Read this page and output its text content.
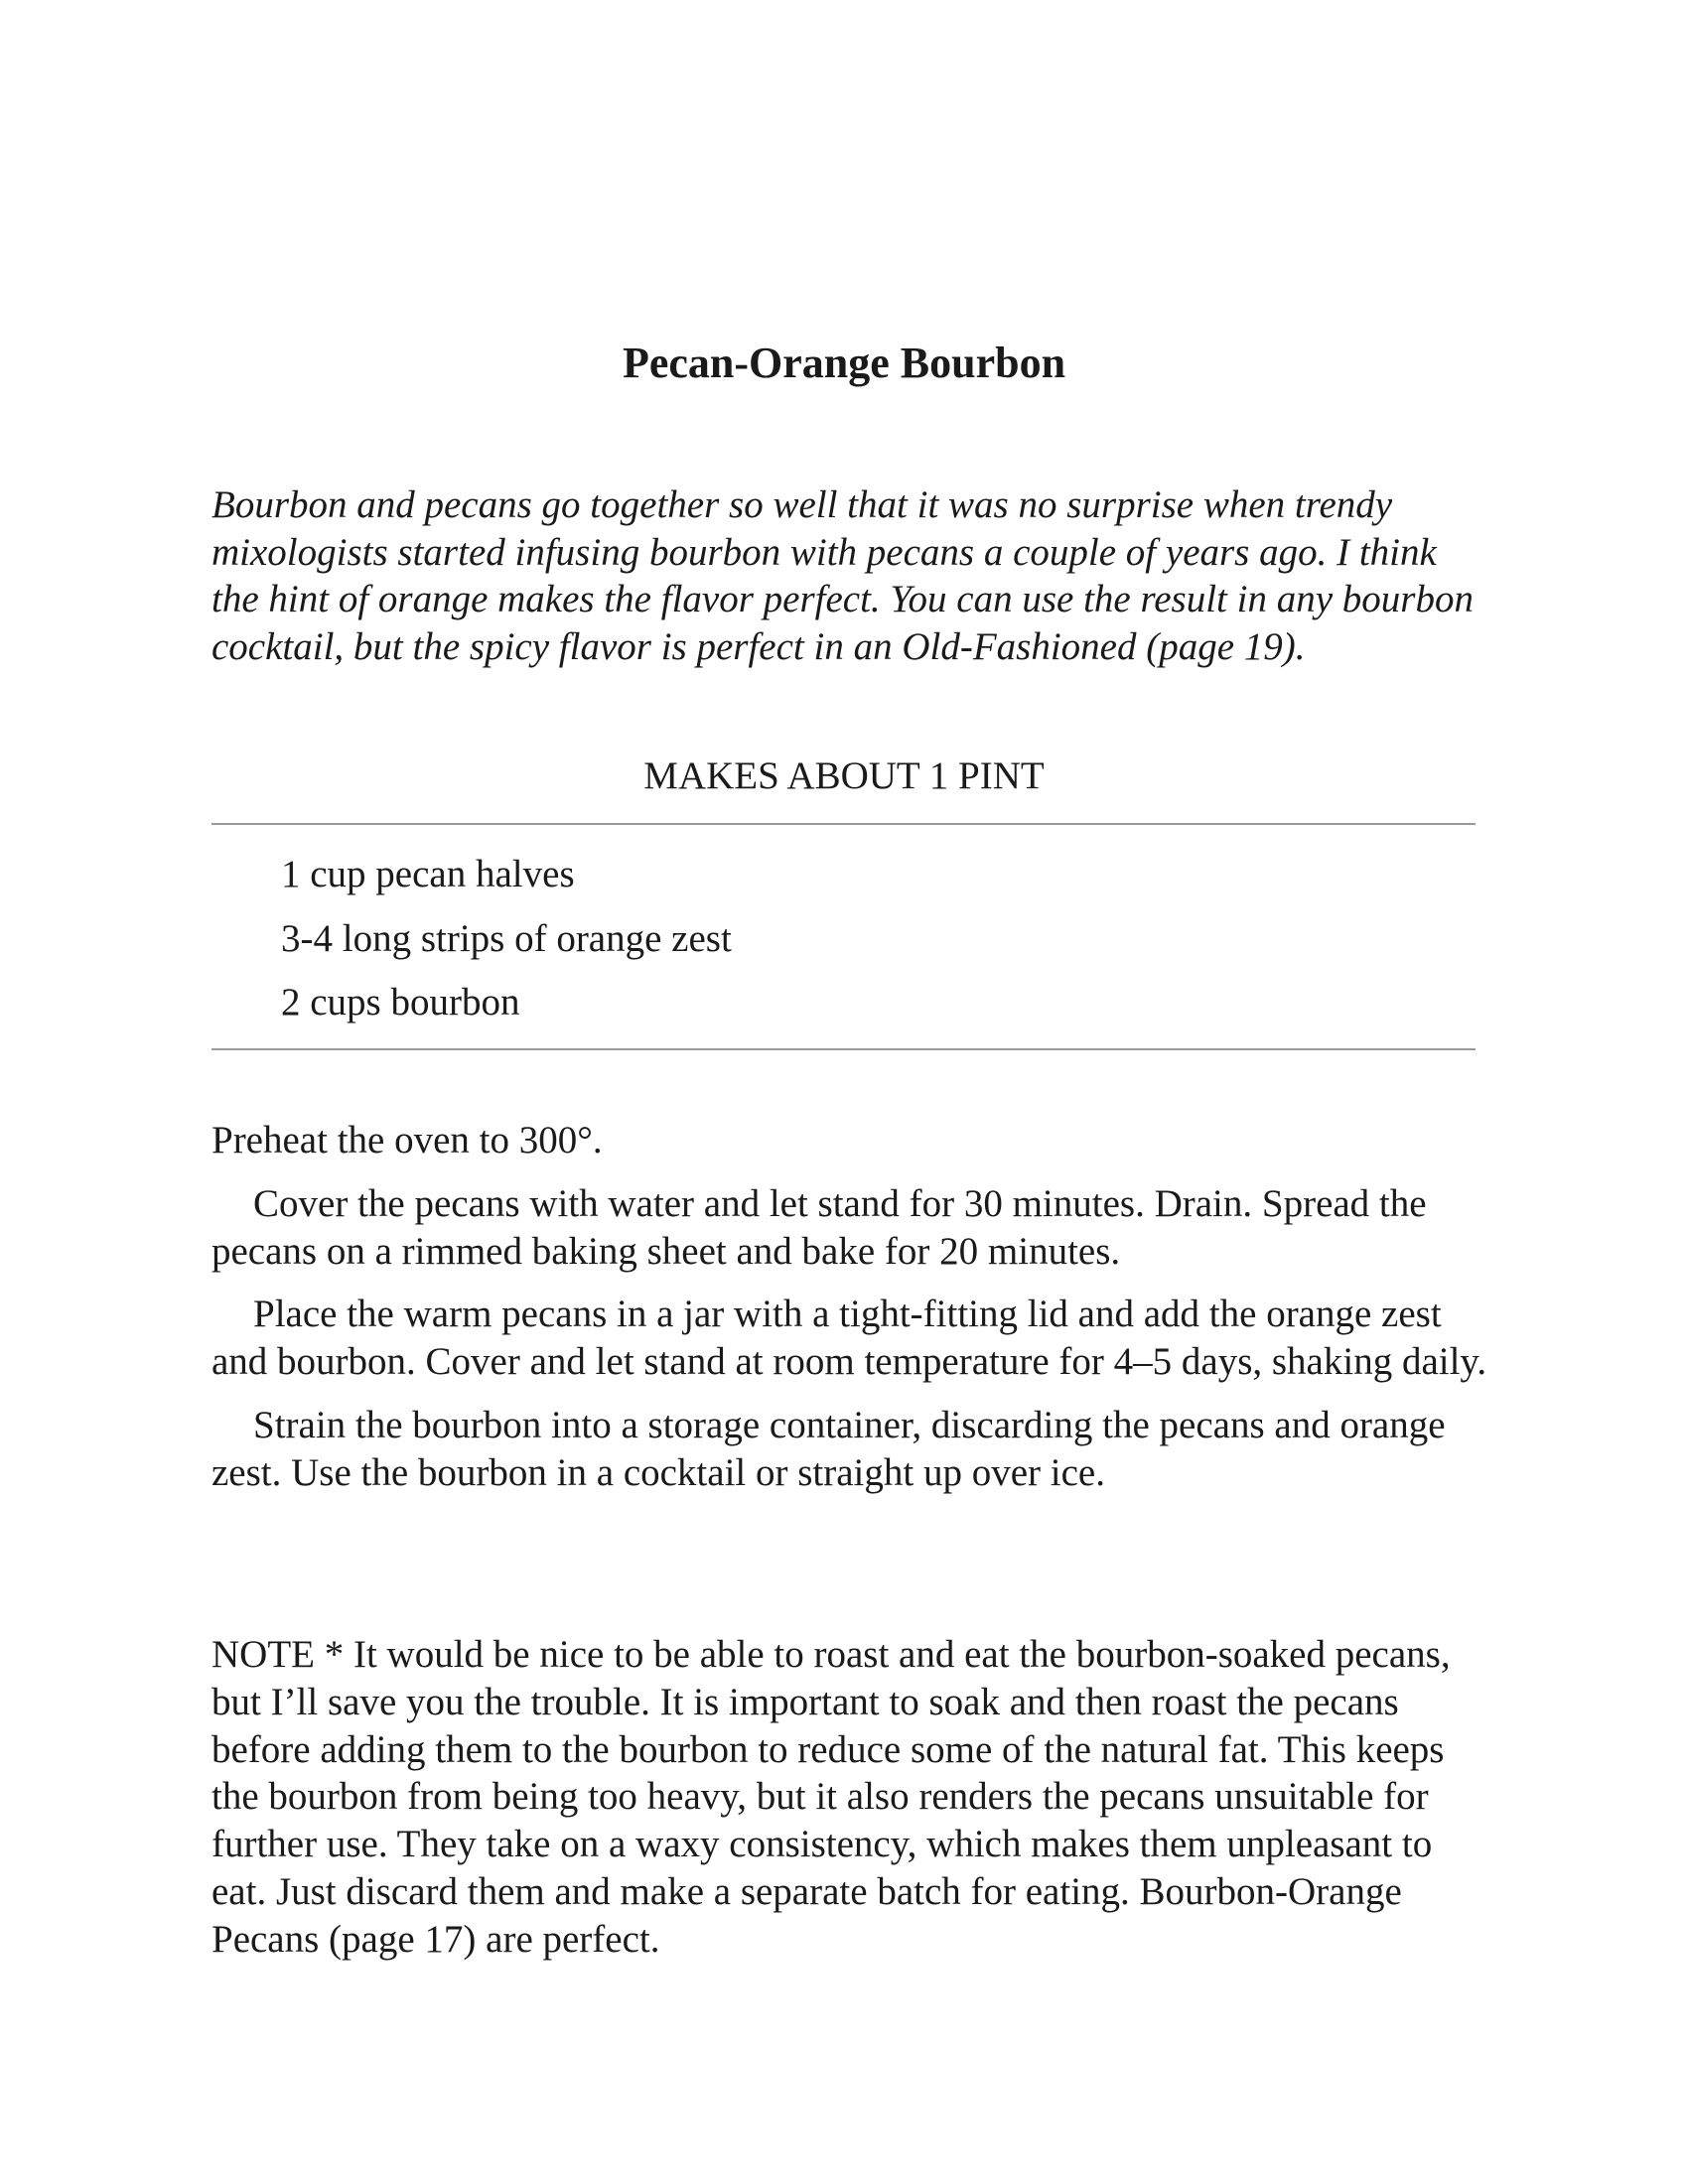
Pecan-Orange Bourbon
Bourbon and pecans go together so well that it was no surprise when trendy mixologists started infusing bourbon with pecans a couple of years ago. I think the hint of orange makes the flavor perfect. You can use the result in any bourbon cocktail, but the spicy flavor is perfect in an Old-Fashioned (page 19).
MAKES ABOUT 1 PINT
1 cup pecan halves
3-4 long strips of orange zest
2 cups bourbon

Preheat the oven to 300°.

Cover the pecans with water and let stand for 30 minutes. Drain. Spread the pecans on a rimmed baking sheet and bake for 20 minutes.

Place the warm pecans in a jar with a tight-fitting lid and add the orange zest and bourbon. Cover and let stand at room temperature for 4–5 days, shaking daily.

Strain the bourbon into a storage container, discarding the pecans and orange zest. Use the bourbon in a cocktail or straight up over ice.

NOTE * It would be nice to be able to roast and eat the bourbon-soaked pecans, but I’ll save you the trouble. It is important to soak and then roast the pecans before adding them to the bourbon to reduce some of the natural fat. This keeps the bourbon from being too heavy, but it also renders the pecans unsuitable for further use. They take on a waxy consistency, which makes them unpleasant to eat. Just discard them and make a separate batch for eating. Bourbon-Orange Pecans (page 17) are perfect.
